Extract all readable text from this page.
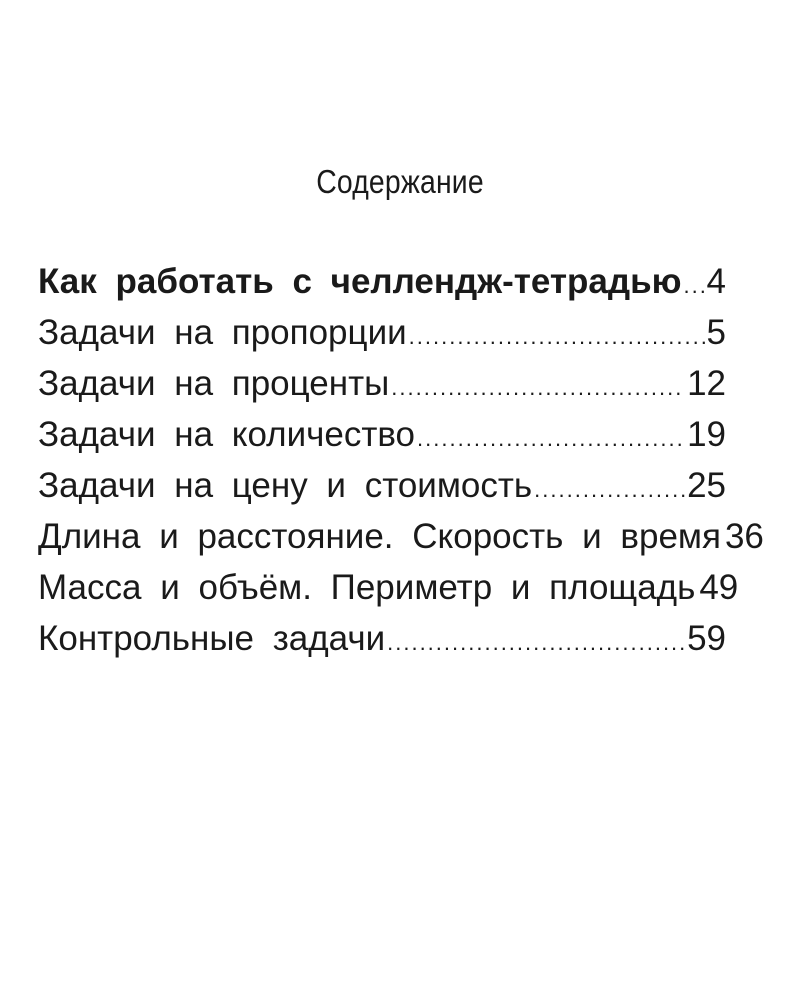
Содержание
Как работать с челлендж-тетрадью ..... 4
Задачи на пропорции .....	5
Задачи на проценты .....	12
Задачи на количество .....	19
Задачи на цену и стоимость .....	25
Длина и расстояние. Скорость и время 36
Масса и объём. Периметр и площадь 49
Контрольные задачи .....	59
